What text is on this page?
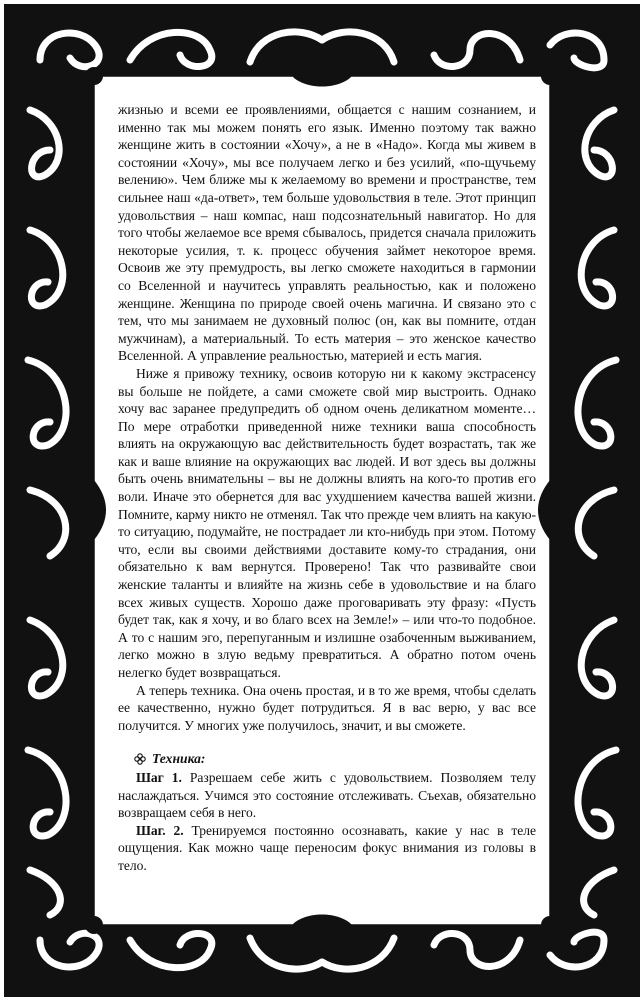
жизнью и всеми ее проявлениями, общается с нашим сознанием, и именно так мы можем понять его язык. Именно поэтому так важно женщине жить в состоянии «Хочу», а не в «Надо». Когда мы живем в состоянии «Хочу», мы все получаем легко и без усилий, «по-щучьему велению». Чем ближе мы к желаемому во времени и пространстве, тем сильнее наш «да-ответ», тем больше удовольствия в теле. Этот принцип удовольствия – наш компас, наш подсознательный навигатор. Но для того чтобы желаемое все время сбывалось, придется сначала приложить некоторые усилия, т. к. процесс обучения займет некоторое время. Освоив же эту премудрость, вы легко сможете находиться в гармонии со Вселенной и научитесь управлять реальностью, как и положено женщине. Женщина по природе своей очень магична. И связано это с тем, что мы занимаем не духовный полюс (он, как вы помните, отдан мужчинам), а материальный. То есть материя – это женское качество Вселенной. А управление реальностью, материей и есть магия.

Ниже я привожу технику, освоив которую ни к какому экстрасенсу вы больше не пойдете, а сами сможете свой мир выстроить. Однако хочу вас заранее предупредить об одном очень деликатном моменте… По мере отработки приведенной ниже техники ваша способность влиять на окружающую вас действительность будет возрастать, так же как и ваше влияние на окружающих вас людей. И вот здесь вы должны быть очень внимательны – вы не должны влиять на кого-то против его воли. Иначе это обернется для вас ухудшением качества вашей жизни. Помните, карму никто не отменял. Так что прежде чем влиять на какую-то ситуацию, подумайте, не пострадает ли кто-нибудь при этом. Потому что, если вы своими действиями доставите кому-то страдания, они обязательно к вам вернутся. Проверено! Так что развивайте свои женские таланты и влияйте на жизнь себе в удовольствие и на благо всех живых существ. Хорошо даже проговаривать эту фразу: «Пусть будет так, как я хочу, и во благо всех на Земле!» – или что-то подобное. А то с нашим эго, перепуганным и излишне озабоченным выживанием, легко можно в злую ведьму превратиться. А обратно потом очень нелегко будет возвращаться.

А теперь техника. Она очень простая, и в то же время, чтобы сделать ее качественно, нужно будет потрудиться. Я в вас верю, у вас все получится. У многих уже получилось, значит, и вы сможете.

Техника:

Шаг 1. Разрешаем себе жить с удовольствием. Позволяем телу наслаждаться. Учимся это состояние отслеживать. Съехав, обязательно возвращаем себя в него.

Шаг. 2. Тренируемся постоянно осознавать, какие у нас в теле ощущения. Как можно чаще переносим фокус внимания из головы в тело.

10
